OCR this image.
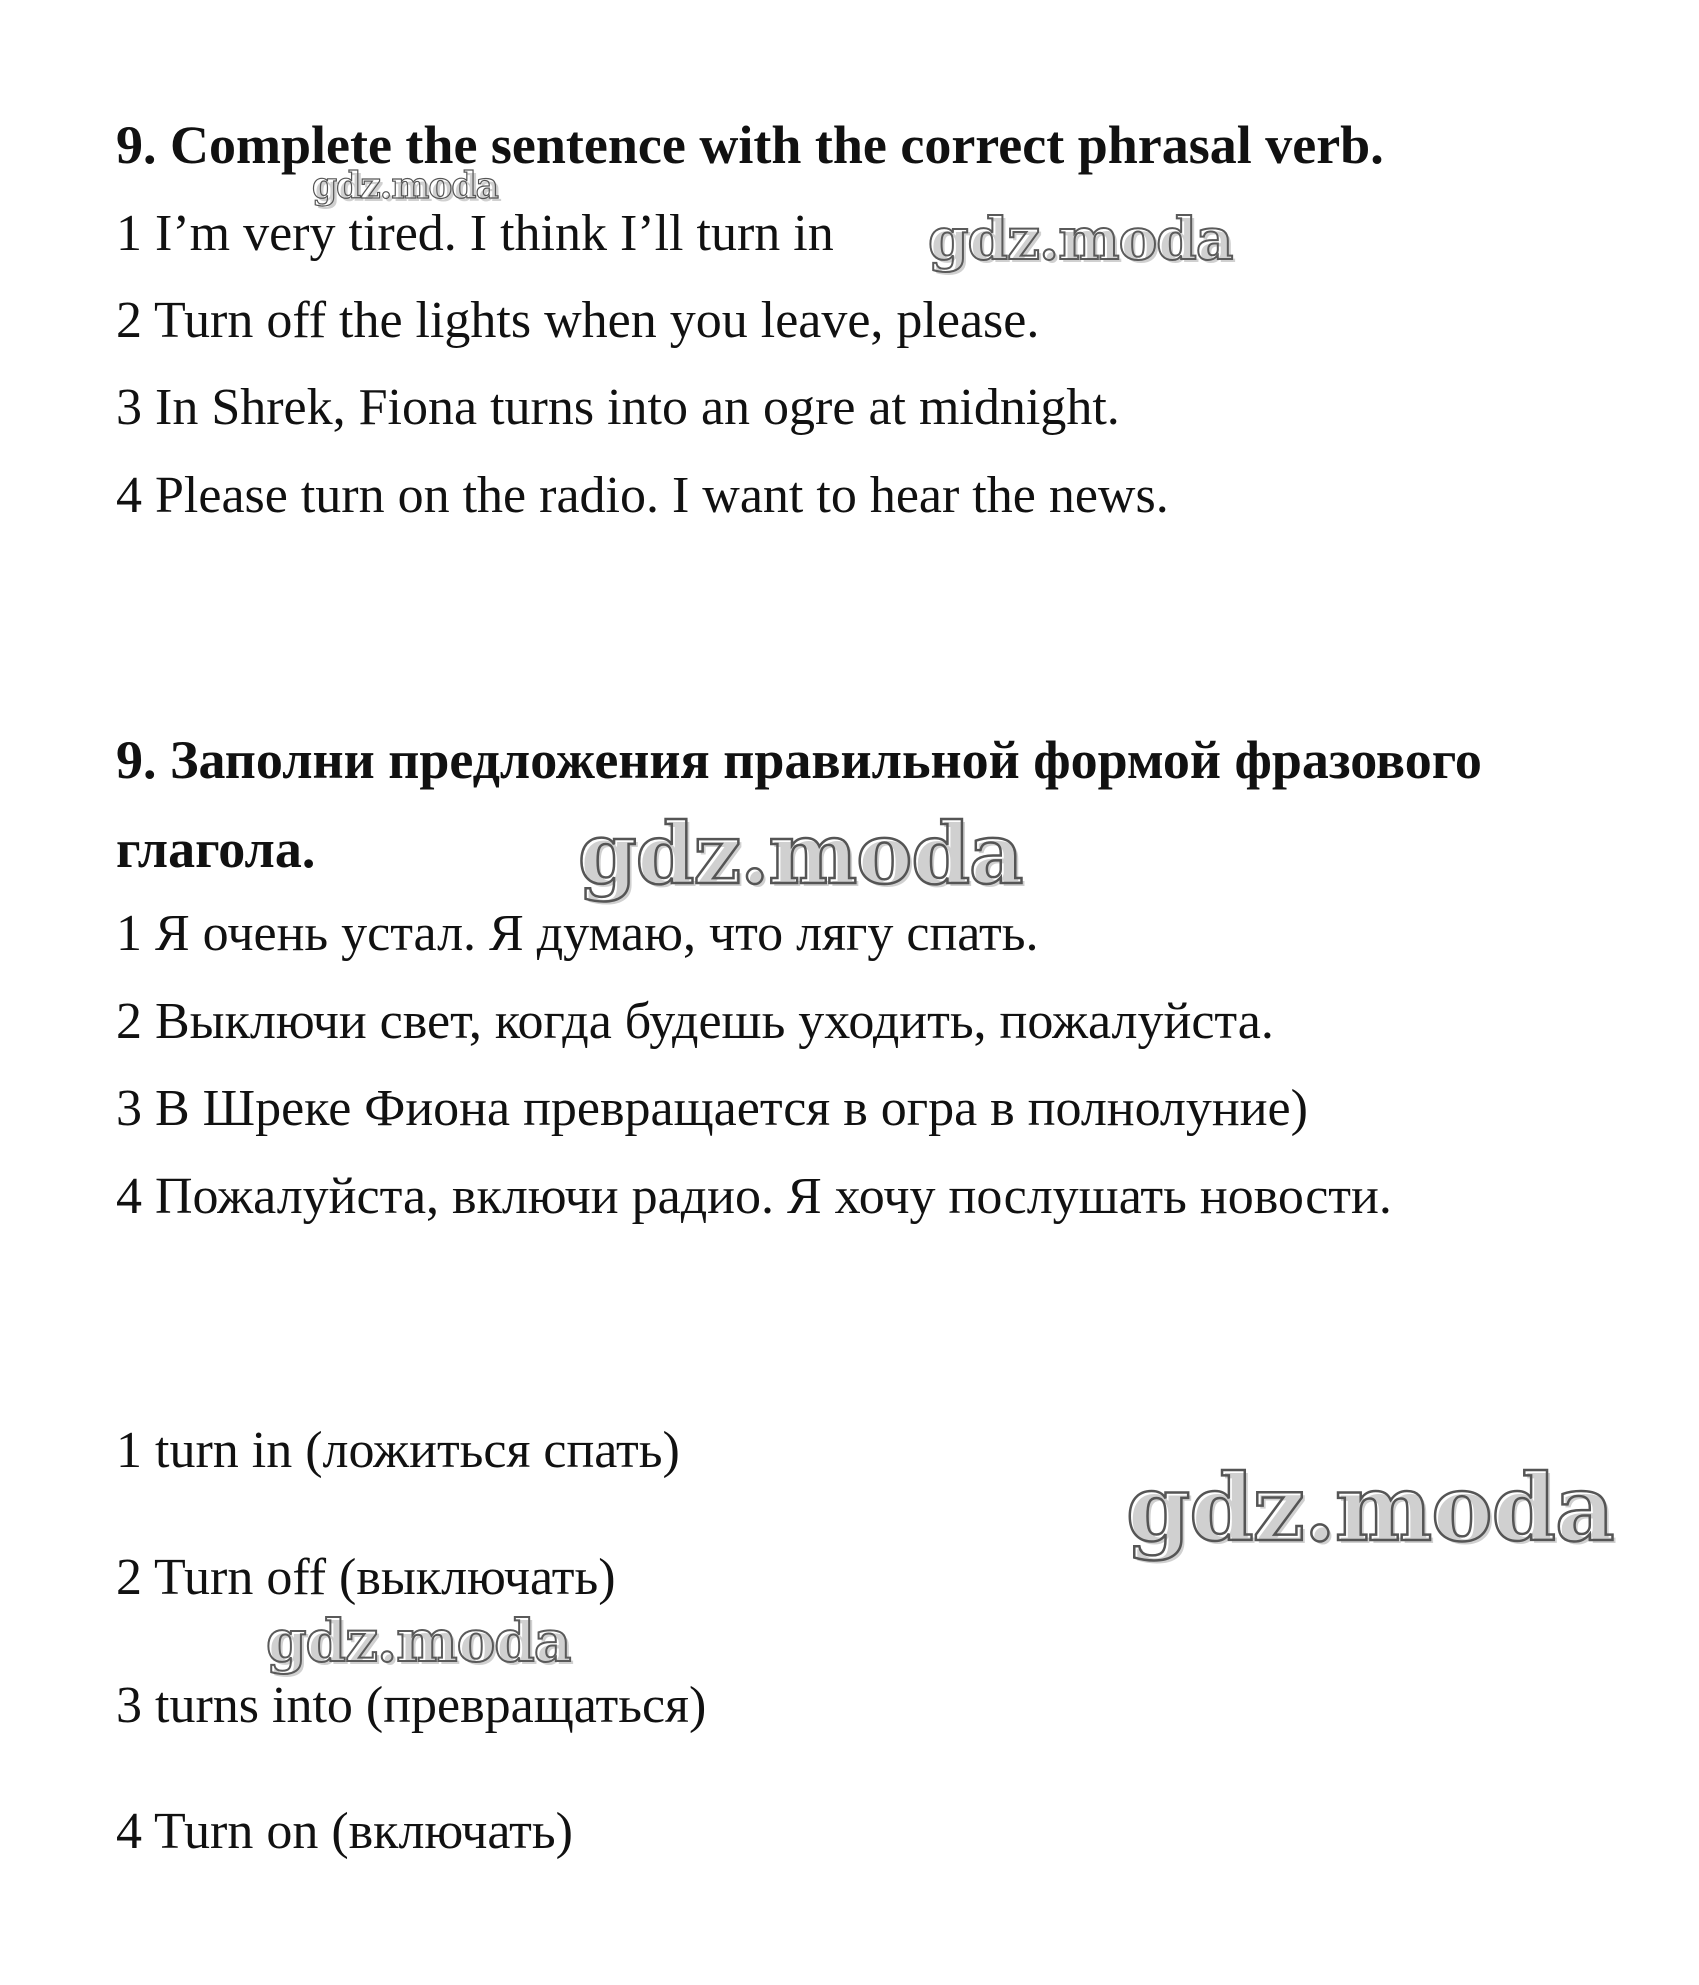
9. Complete the sentence with the correct phrasal verb.
1 I’m very tired. I think I’ll turn in
2 Turn off the lights when you leave, please.
3 In Shrek, Fiona turns into an ogre at midnight.
4 Please turn on the radio. I want to hear the news.
9. Заполни предложения правильной формой фразового
глагола.
1 Я очень устал. Я думаю, что лягу спать.
2 Выключи свет, когда будешь уходить, пожалуйста.
3 В Шреке Фиона превращается в огра в полнолуние)
4 Пожалуйста, включи радио. Я хочу послушать новости.
1 turn in (ложиться спать)
2 Turn off (выключать)
3 turns into (превращаться)
4 Turn on (включать)
gdz.moda
gdz.moda
gdz.moda
gdz.moda
gdz.moda
